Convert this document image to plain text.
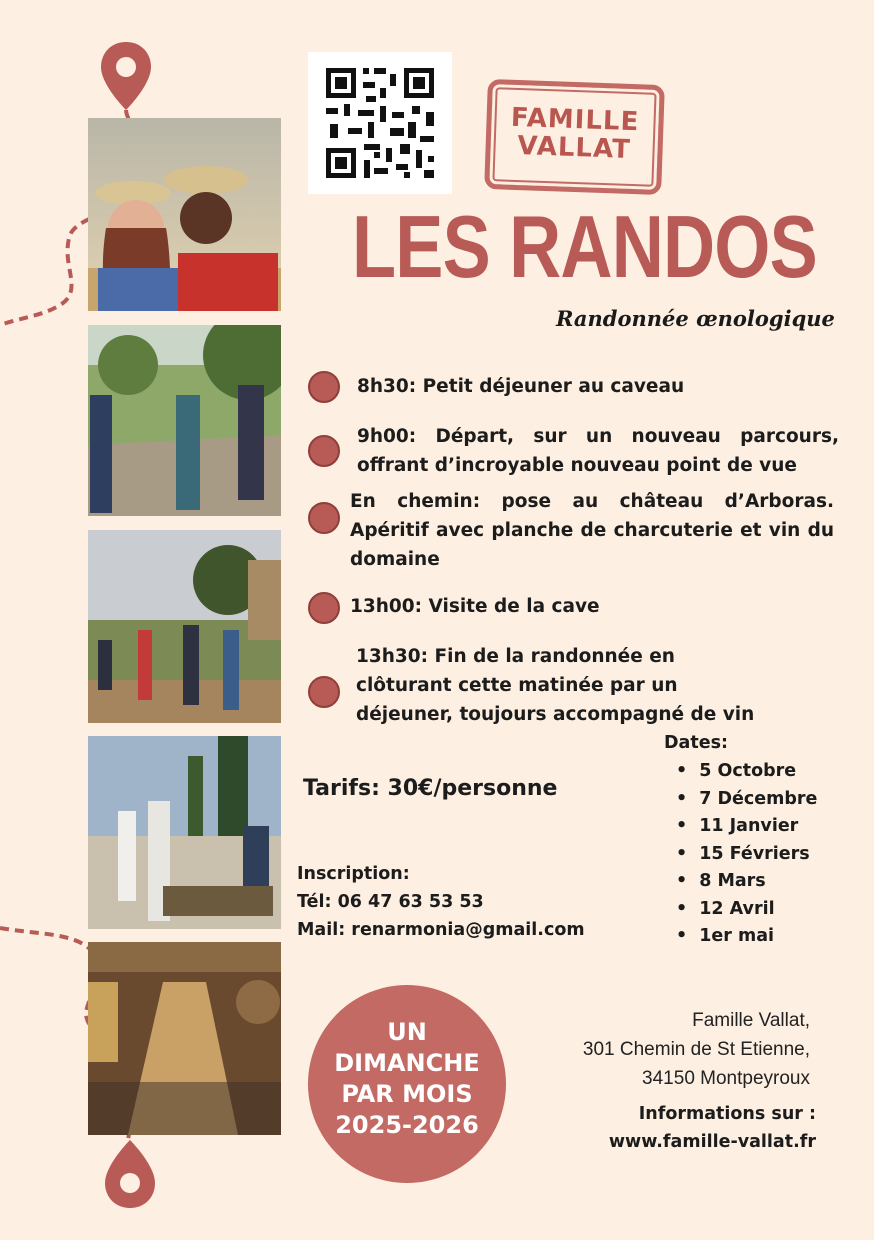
FAMILLE
VALLAT
LES RANDOS
Randonnée œnologique
8h30: Petit déjeuner au caveau
9h00: Départ, sur un nouveau parcours, offrant d’incroyable nouveau point de vue
En chemin: pose au château d’Arboras. Apéritif avec planche de charcuterie et vin du domaine
13h00: Visite de la cave
13h30: Fin de la randonnée en clôturant cette matinée par un déjeuner, toujours accompagné de vin
Tarifs: 30€/personne
Inscription:
Tél: 06 47 63 53 53
Mail: renarmonia@gmail.com
Dates:
• 5 Octobre
• 7 Décembre
• 11 Janvier
• 15 Févriers
• 8 Mars
• 12 Avril
• 1er mai
UN
DIMANCHE
PAR MOIS
2025-2026
Famille Vallat,
301 Chemin de St Etienne,
34150 Montpeyroux
Informations sur :
www.famille-vallat.fr
